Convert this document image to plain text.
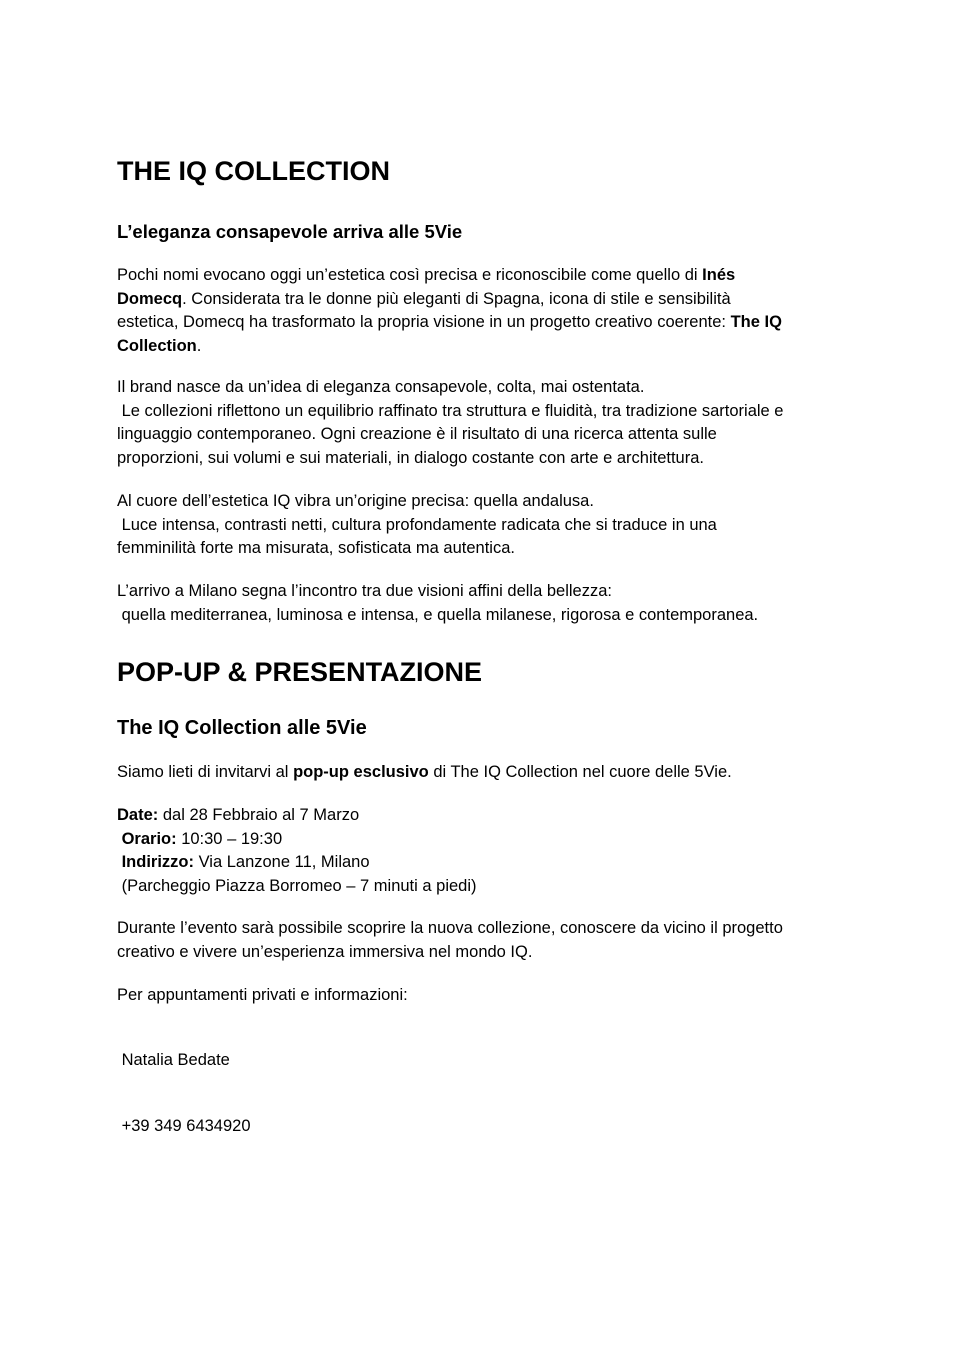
THE IQ COLLECTION
L’eleganza consapevole arriva alle 5Vie

Pochi nomi evocano oggi un’estetica così precisa e riconoscibile come quello di Inés
Domecq. Considerata tra le donne più eleganti di Spagna, icona di stile e sensibilità
estetica, Domecq ha trasformato la propria visione in un progetto creativo coerente: The IQ
Collection.

Il brand nasce da un’idea di eleganza consapevole, colta, mai ostentata.
Le collezioni riflettono un equilibrio raffinato tra struttura e fluidità, tra tradizione sartoriale e
linguaggio contemporaneo. Ogni creazione è il risultato di una ricerca attenta sulle
proporzioni, sui volumi e sui materiali, in dialogo costante con arte e architettura.

Al cuore dell’estetica IQ vibra un’origine precisa: quella andalusa.
Luce intensa, contrasti netti, cultura profondamente radicata che si traduce in una
femminilità forte ma misurata, sofisticata ma autentica.

L’arrivo a Milano segna l’incontro tra due visioni affini della bellezza:
quella mediterranea, luminosa e intensa, e quella milanese, rigorosa e contemporanea.

POP-UP & PRESENTAZIONE
The IQ Collection alle 5Vie

Siamo lieti di invitarvi al pop-up esclusivo di The IQ Collection nel cuore delle 5Vie.

Date: dal 28 Febbraio al 7 Marzo
Orario: 10:30 – 19:30
Indirizzo: Via Lanzone 11, Milano
(Parcheggio Piazza Borromeo – 7 minuti a piedi)

Durante l’evento sarà possibile scoprire la nuova collezione, conoscere da vicino il progetto
creativo e vivere un’esperienza immersiva nel mondo IQ.

Per appuntamenti privati e informazioni:

Natalia Bedate

+39 349 6434920
